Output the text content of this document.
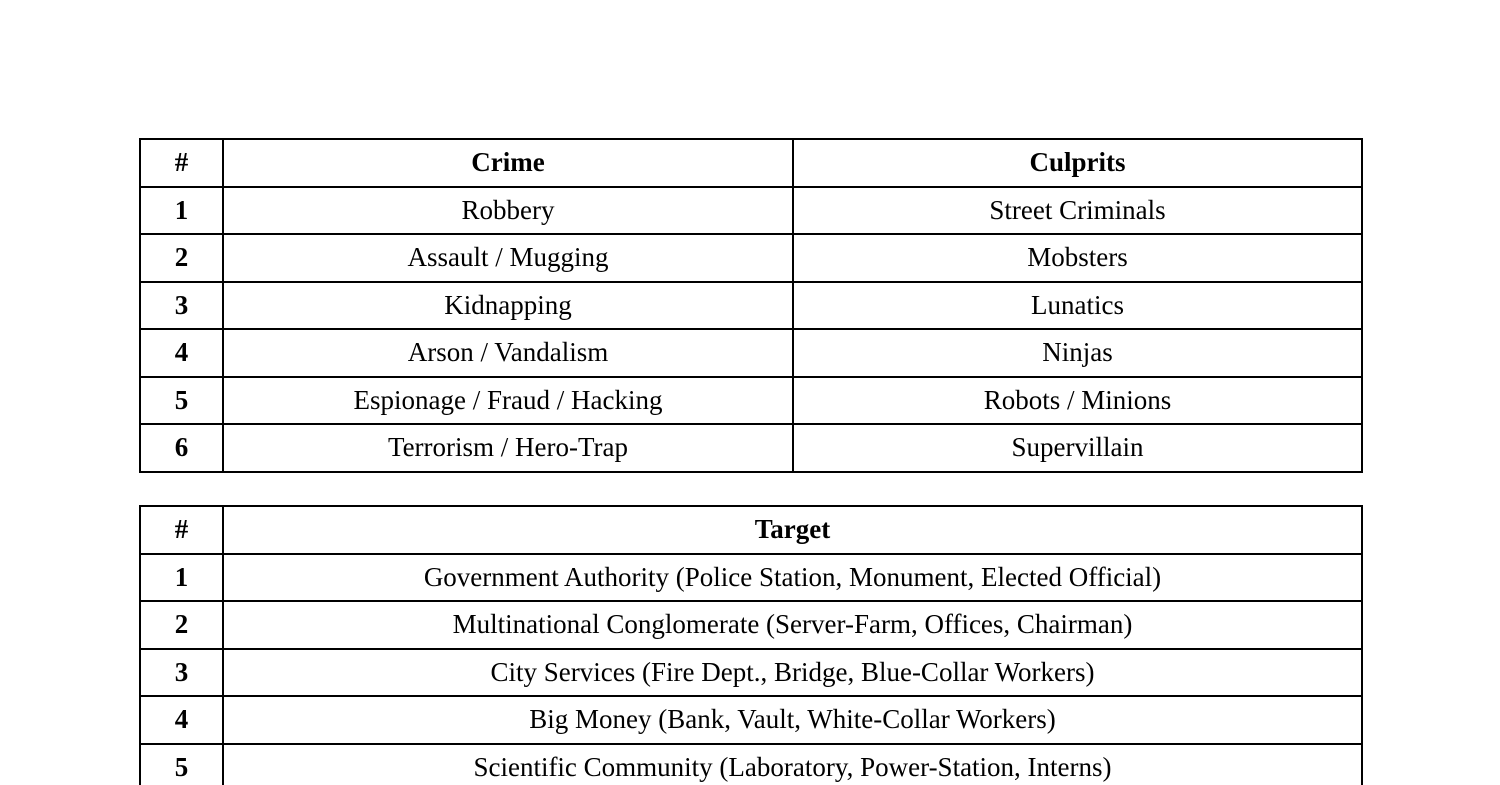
#	Crime	Culprits
1	Robbery	Street Criminals
2	Assault / Mugging	Mobsters
3	Kidnapping	Lunatics
4	Arson / Vandalism	Ninjas
5	Espionage / Fraud / Hacking	Robots / Minions
6	Terrorism / Hero-Trap	Supervillain
#	Target
1	Government Authority (Police Station, Monument, Elected Official)
2	Multinational Conglomerate (Server-Farm, Offices, Chairman)
3	City Services (Fire Dept., Bridge, Blue-Collar Workers)
4	Big Money (Bank, Vault, White-Collar Workers)
5	Scientific Community (Laboratory, Power-Station, Interns)
